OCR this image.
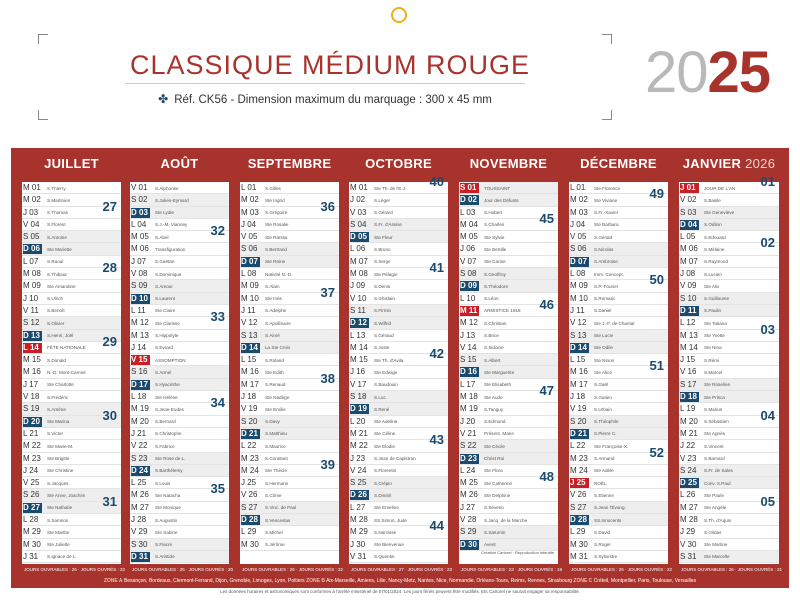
CLASSIQUE MÉDIUM ROUGE
✤ Réf. CK56 - Dimension maximum du marquage : 300 x 45 mm	2025
JUILLET
M 01 S.Thierry
M 02 S.Martinien
J 03	S.Thomas	27
V 04	S.Florent
S 05	S.Antoine
D 06	Ste Mariette
L 07	S.Raoul
M 08 S.Thibaut	28
M 09 Ste Amandine
J 10	S.Ulrich
V 11	S.Benoît
S 12	S.Olivier
D 13	S.Henri, Joël
L 14	FÊTE NATIONALE	29
M 15 S.Donald
M 16 N.-D. Mont-Carmel
J 17	Ste Charlotte
V 18	S.Frédéric
S 19	S.Arsène
D 20	Ste Marina	30
L 21	S.Victor
M 22 Ste Marie-M.
M 23 Ste Brigitte
J 24	Ste Christine
V 25	S.Jacques
S 26	Ste Anne, Joachim
D 27	Ste Nathalie	31
L 28	S.Samson
M 29 Ste Marthe
M 30 Ste Juliette
J 31	S.Ignace de L.
JOURS OUVRABLES : 26 · JOURS OUVRÉS : 22
AOÛT
V 01	S.Alphonse
S 02	S.Julien-Eymard
D 03	Ste Lydie
L 04	S.J.-M. Vianney
M 05 S.Abel	32
M 06 Transfiguration
J 07	S.Gaëtan
V 08	S.Dominique
S 09	S.Amour
D 10	S.Laurent
L 11	Ste Claire
M 12 Ste Clarisse	33
M 13 S.Hippolyte
J 14	S.Evrard
V 15	ASSOMPTION
S 16	S.Armel
D 17	S.Hyacinthe
L 18	Ste Hélène
M 19 S.Jean-Eudes	34
M 20 S.Bernard
J 21	S.Christophe
V 22	S.Fabrice
S 23	Ste Rose de L.
D 24	S.Barthélemy
L 25	S.Louis
M 26 Ste Natacha	35
M 27 Ste Monique
J 28	S.Augustin
V 29	Ste Sabine
S 30	S.Fiacre
D 31	S.Aristide
JOURS OUVRABLES : 25 · JOURS OUVRÉS : 20
SEPTEMBRE
L 01	S.Gilles
M 02 Ste Ingrid
M 03 S.Grégoire	36
J 04	Ste Rosalie
V 05	Ste Raïssa
S 06	S.Bertrand
D 07	Ste Reine
L 08	Nativité N.-D.
M 09 S.Alain
M 10 Ste Inès	37
J 11	S.Adelphe
V 12	S.Apollinaire
S 13	S.Aimé
D 14	La Ste Croix
L 15	S.Roland
M 16 Ste Edith
M 17 S.Renaud	38
J 18	Ste Nadège
V 19	Ste Emilie
S 20	S.Davy
D 21	S.Matthieu
L 22	S.Maurice
M 23 S.Constant
M 24 Ste Thècle	39
J 25	S.Hermann
V 26	S.Côme
S 27	S.Vinc. de Paul
D 28	S.Venceslas
L 29	S.Michel
M 30 S.Jérôme
JOURS OUVRABLES : 26 · JOURS OUVRÉS : 22
OCTOBRE
M 01 Ste Th. de l'E.J.	40
J 02	S.Léger
V 03	S.Gérard
S 04	S.Fr. d'Assise
D 05	Ste Fleur
L 06	S.Bruno
M 07 S.Serge
M 08 Ste Pélagie	41
J 09	S.Denis
V 10	S.Ghislain
S 11	S.Firmin
D 12	S.Wilfrid
L 13	S.Géraud
M 14 S.Juste
M 15 Ste Th. d'Avila	42
J 16	Ste Edwige
V 17	S.Baudouin
S 18	S.Luc
D 19	S.René
L 20	Ste Adeline
M 21 Ste Céline
M 22 Ste Elodie	43
J 23	S.Jean de Capistran
V 24	S.Florentin
S 25	S.Crépin
D 26	S.Dimitri
L 27	Ste Emeline
M 28 SS.Simon, Jude
M 29 S.Narcisse	44
J 30	Ste Bienvenue
V 31	S.Quentin
JOURS OUVRABLES : 27 · JOURS OUVRÉS : 23
NOVEMBRE
S 01	TOUSSAINT
D 02	Jour des Défunts
L 03	S.Hubert
M 04 S.Charles	45
M 05 Ste Sylvie
J 06	Ste Bertille
V 07	Ste Carine
S 08	S.Geoffroy
D 09	S.Théodore
L 10	S.Léon
M 11	ARMISTICE 1918	46
M 12 S.Christian
J 13	S.Brice
V 14	S.Sidoine
S 15	S.Albert
D 16	Ste Marguerite
L 17	Ste Elisabeth
M 18 Ste Aude	47
M 19 S.Tanguy
J 20	S.Edmond
V 21	Présent. Marie
S 22	Ste Cécile
D 23	Christ Roi
L 24	Ste Flora
M 25 Ste Catherine	48
M 26 Ste Delphine
J 27	S.Séverin
V 28	S.Jacq. de la Marche
S 29	S.Saturnin
D 30	Avent
JOURS OUVRABLES : 23 · JOURS OUVRÉS : 19
DÉCEMBRE
L 01	Ste Florence
M 02 Ste Viviane	49
M 03 S.Fr.-Xavier
J 04	Ste Barbara
V 05	S.Gérald
S 06	S.Nicolas
D 07	S.Ambroise
L 08	Imm. Concept.
M 09 S.P.-Fourier	50
M 10 S.Romaric
J 11	S.Daniel
V 12	Ste J.-F. de Chantal
S 13	Ste Lucie
D 14	Ste Odile
L 15	Ste Ninon
M 16 Ste Alice	51
M 17 S.Gaël
J 18	S.Gatien
V 19	S.Urbain
S 20	S.Théophile
D 21	S.Pierre C.
L 22	Ste Françoise-X.
M 23 S.Armand	52
M 24 Ste Adèle
J 25	NOËL
V 26	S.Etienne
S 27	S.Jean l'Évang.
D 28	SS.Innocents
L 29	S.David
M 30 S.Roger
M 31 S.Sylvestre
JOURS OUVRABLES : 26 · JOURS OUVRÉS : 22
JANVIER 2026
J 01	JOUR DE L'AN	01
V 02	S.Basile
S 03	Ste Geneviève
D 04	S.Odilon
L 05	S.Edouard
M 06 S.Mélaine	02
M 07 S.Raymond
J 08	S.Lucien
V 09	Ste Alix
S 10	S.Guillaume
D 11	S.Paulin
L 12	Ste Tatiana
M 13 Ste Yvette	03
M 14 Ste Nina
J 15	S.Rémi
V 16	S.Marcel
S 17	Ste Roseline
D 18	Ste Prisca
L 19	S.Marius
M 20 S.Sébastien	04
M 21 Ste Agnès
J 22	S.Vincent
V 23	S.Barnard
S 24	S.Fr. de Sales
D 25	Conv. S.Paul
L 26	Ste Paule
M 27 Ste Angèle	05
M 28 S.Th. d'Aquin
J 29	S.Gildas
V 30	Ste Martine
S 31	Ste Marcelle
JOURS OUVRABLES : 26 · JOURS OUVRÉS : 21
Création Cartorel · Reproduction interdite
ZONE A Besançon, Bordeaux, Clermont-Ferrand, Dijon, Grenoble, Limoges, Lyon, Poitiers ZONE B Aix-Marseille, Amiens, Lille, Nancy-Metz, Nantes, Nice, Normandie, Orléans-Tours, Reims, Rennes, Strasbourg ZONE C Créteil, Montpellier, Paris, Toulouse, Versailles
Les données horaires et astronomiques sont conformes à l'arrêté ministériel de 07/01/2024. Les jours fériés peuvent être modifiés. Ets Cartorel ne saurait engager sa responsabilité.
